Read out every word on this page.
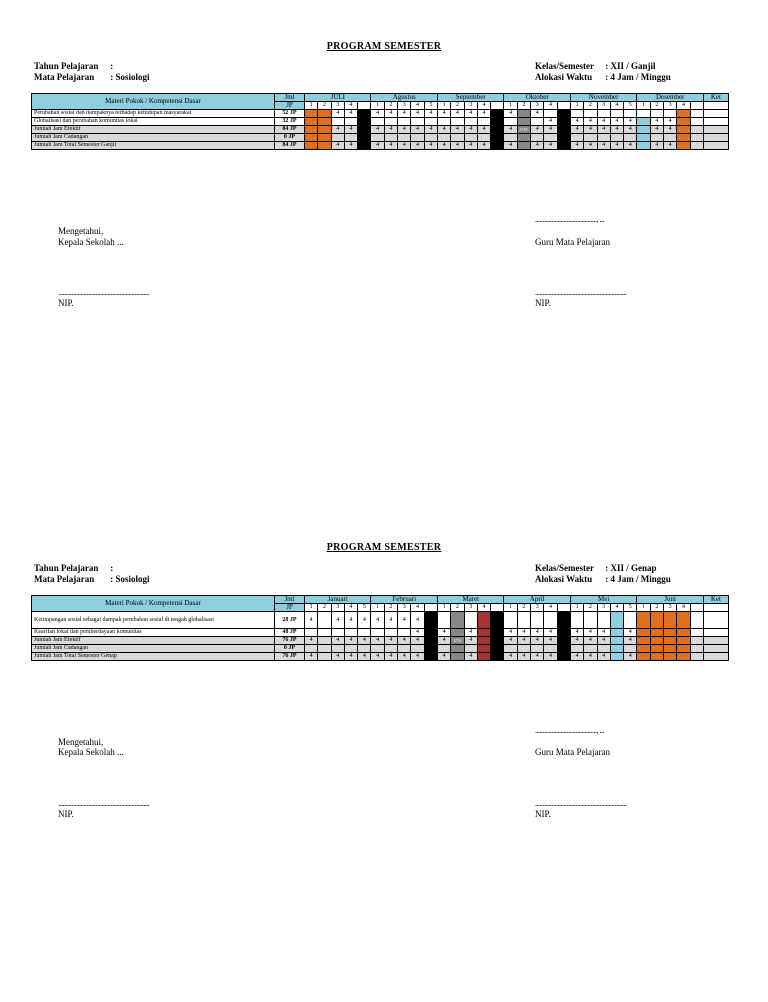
PROGRAM SEMESTER
Tahun Pelajaran :
Mata Pelajaran : Sosiologi
Kelas/Semester : XII / Ganjil
Alokasi Waktu : 4 Jam / Minggu
Materi Pokok / Kompetensi Dasar	Jml	JULI					Agustus					September					Oktober					November					Desember					Ket
	JP	1	2	3	4		1	2	3	4	5	1	2	3	4		1	2	3	4		1	2	3	4	5	1	2	3	4		
Perubahan sosial dan dampaknya terhadap kehidupan masyarakat	52 JP			4	4		4	4	4	4	4	4	4	4	4		4		4													
Globalisasi dan perubahan komunitas lokal	32 JP																			4		4	4	4	4	4		4	4			
Jumlah Jam Efektif	84 JP			4	4		4	4	4	4	4	4	4	4	4		4	UTS	4	4		4	4	4	4	4		4	4			
Jumlah Jam Cadangan	0 JP																															
Jumlah Jam Total Semester Ganjil	84 JP			4	4		4	4	4	4	4	4	4	4	4		4		4	4		4	4	4	4	4		4	4			
Mengetahui,
Kepala Sekolah ...
........................................., ...
Guru Mata Pelajaran
.............................................................	.............................................................
NIP.	NIP.
PROGRAM SEMESTER
Tahun Pelajaran :
Mata Pelajaran : Sosiologi
Kelas/Semester : XII / Genap
Alokasi Waktu : 4 Jam / Minggu
Materi Pokok / Kompetensi Dasar	Jml	Januari					Februari					Maret					April					Mei					Juni					Ket
	JP	1	2	3	4	5	1	2	3	4		1	2	3	4		1	2	3	4		1	2	3	4	5	1	2	3	4		
Ketimpangan sosial sebagai dampak perubahan sosial di tengah globalisasi	28 JP	4		4	4	4	4	4	4	4																						
Kearifan lokal dan pemberdayaan komunitas	48 JP									4		4		4			4	4	4	4		4	4	4		4						
Jumlah Jam Efektif	76 JP	4		4	4	4	4	4	4	4		4	UTS	4			4	4	4	4		4	4	4		4						
Jumlah Jam Cadangan	0 JP																															
Jumlah Jam Total Semester Genap	76 JP	4		4	4	4	4	4	4	4		4		4			4	4	4	4		4	4	4		4						
Mengetahui,
Kepala Sekolah ...
........................................., ...
Guru Mata Pelajaran
.............................................................	.............................................................
NIP.	NIP.
